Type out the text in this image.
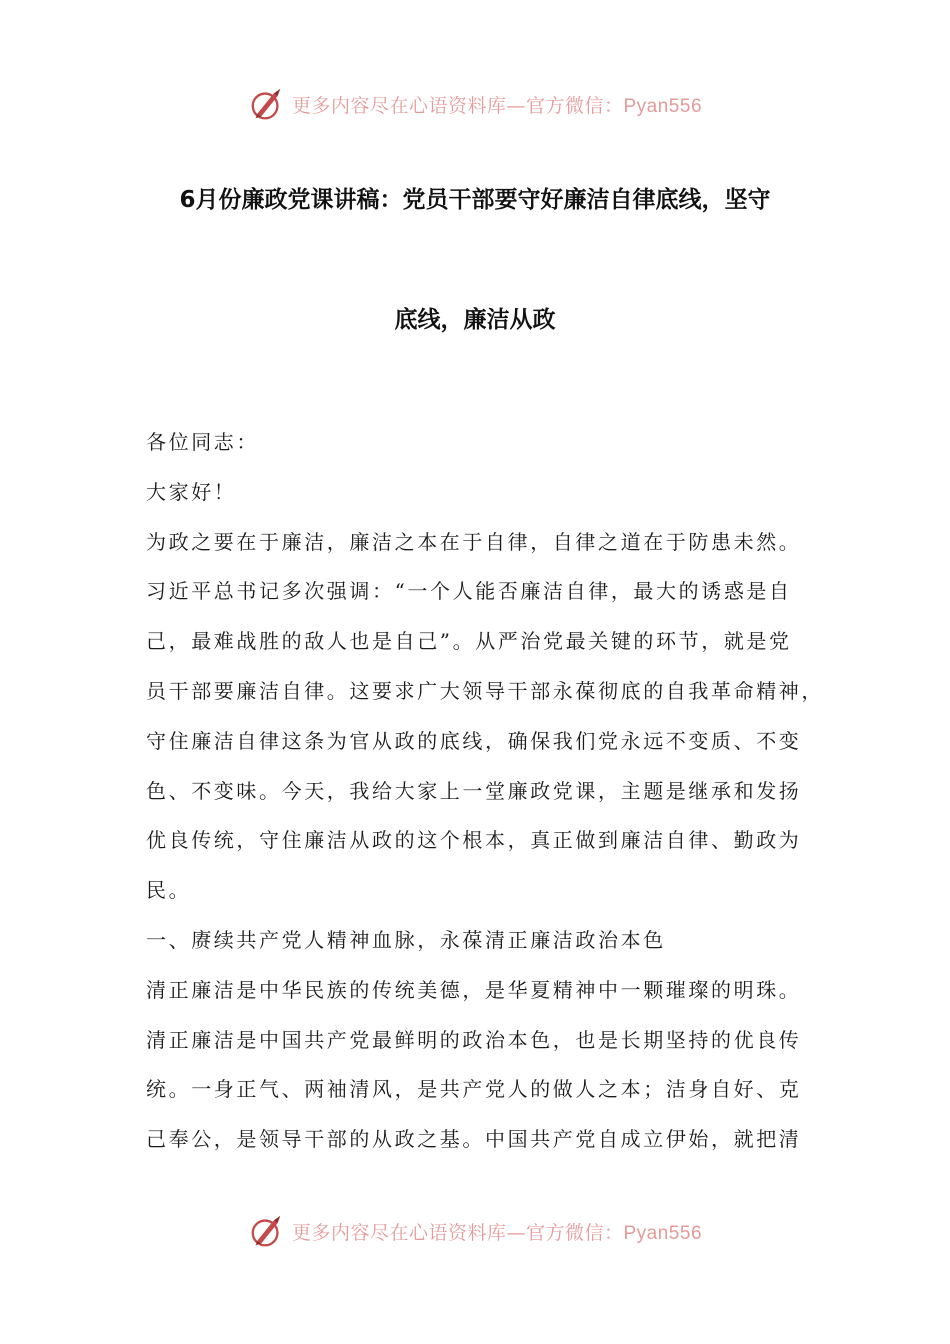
更多内容尽在心语资料库—官方微信：Pyan556
6月份廉政党课讲稿：党员干部要守好廉洁自律底线，坚守
底线，廉洁从政

各位同志：

大家好！

为政之要在于廉洁，廉洁之本在于自律，自律之道在于防患未然。

习近平总书记多次强调：“一个人能否廉洁自律，最大的诱惑是自

己，最难战胜的敌人也是自己”。从严治党最关键的环节，就是党

员干部要廉洁自律。这要求广大领导干部永葆彻底的自我革命精神，

守住廉洁自律这条为官从政的底线，确保我们党永远不变质、不变

色、不变味。今天，我给大家上一堂廉政党课，主题是继承和发扬

优良传统，守住廉洁从政的这个根本，真正做到廉洁自律、勤政为

民。

一、赓续共产党人精神血脉，永葆清正廉洁政治本色

清正廉洁是中华民族的传统美德，是华夏精神中一颗璀璨的明珠。

清正廉洁是中国共产党最鲜明的政治本色，也是长期坚持的优良传

统。一身正气、两袖清风，是共产党人的做人之本；洁身自好、克

己奉公，是领导干部的从政之基。中国共产党自成立伊始，就把清

更多内容尽在心语资料库—官方微信：Pyan556
